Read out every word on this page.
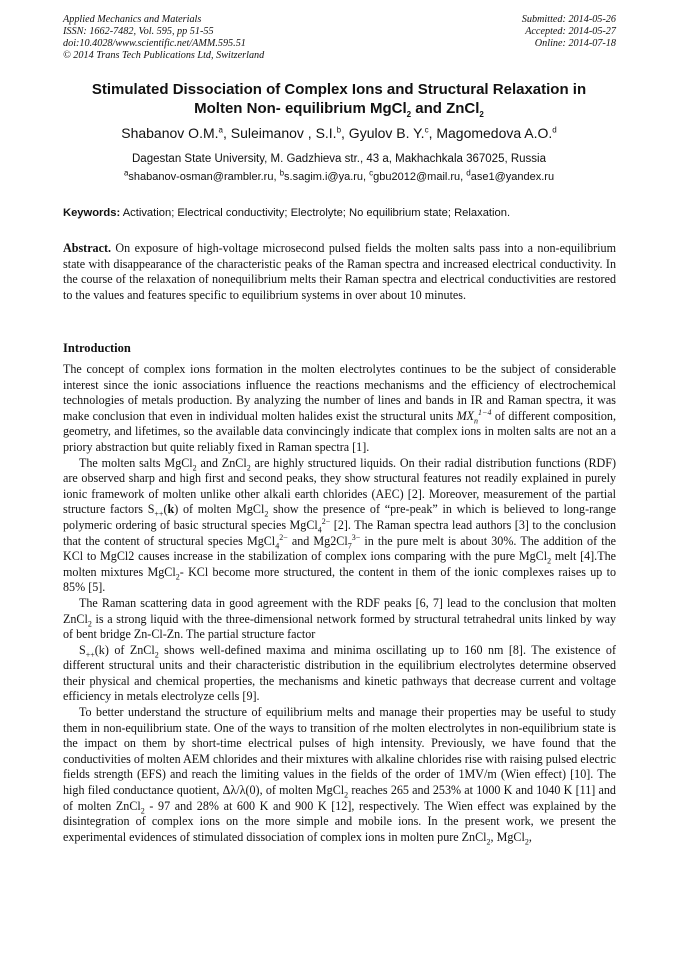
Applied Mechanics and Materials
ISSN: 1662-7482, Vol. 595, pp 51-55
doi:10.4028/www.scientific.net/AMM.595.51
© 2014 Trans Tech Publications Ltd, Switzerland
Submitted: 2014-05-26
Accepted: 2014-05-27
Online: 2014-07-18
Stimulated Dissociation of Complex Ions and Structural Relaxation in
Molten Non- equilibrium MgCl$_2$ and ZnCl$_2$
Shabanov O.M.$^a$, Suleimanov , S.I.$^b$, Gyulov B. Y.$^c$, Magomedova A.O.$^d$
Dagestan State University, M. Gadzhieva str., 43 a, Makhachkala 367025, Russia
$^a$shabanov-osman@rambler.ru, $^b$s.sagim.i@ya.ru, $^c$gbu2012@mail.ru, $^d$ase1@yandex.ru
Keywords: Activation; Electrical conductivity; Electrolyte; No equilibrium state; Relaxation.
Abstract. On exposure of high-voltage microsecond pulsed fields the molten salts pass into a non-equilibrium state with disappearance of the characteristic peaks of the Raman spectra and increased electrical conductivity. In the course of the relaxation of nonequilibrium melts their Raman spectra and electrical conductivities are restored to the values and features specific to equilibrium systems in over about 10 minutes.
Introduction

The concept of complex ions formation in the molten electrolytes continues to be the subject of considerable interest since the ionic associations influence the reactions mechanisms and the efficiency of electrochemical technologies of metals production. By analyzing the number of lines and bands in IR and Raman spectra, it was make conclusion that even in individual molten halides exist the structural units $MX_n^{1-4}$ of different composition, geometry, and lifetimes, so the available data convincingly indicate that complex ions in molten salts are not an a priory abstraction but quite reliably fixed in Raman spectra [1].

The molten salts MgCl$_2$ and ZnCl$_2$ are highly structured liquids. On their radial distribution functions (RDF) are observed sharp and high first and second peaks, they show structural features not readily explained in purely ionic framework of molten unlike other alkali earth chlorides (AEC) [2]. Moreover, measurement of the partial structure factors $S_{++}(k)$ of molten MgCl$_2$ show the presence of “pre-peak” in which is believed to long-range polymeric ordering of basic structural species MgCl$_4^{2-}$ [2]. The Raman spectra lead authors [3] to the conclusion that the content of structural species MgCl$_4^{2-}$ and $Mg2Cl_7^{3-}$ in the pure melt is about 30%. The addition of the KCl to MgCl2 causes increase in the stabilization of complex ions comparing with the pure MgCl$_2$ melt [4].The molten mixtures MgCl$_2$- KCl become more structured, the content in them of the ionic complexes raises up to 85% [5].

The Raman scattering data in good agreement with the RDF peaks [6, 7] lead to the conclusion that molten ZnCl$_2$ is a strong liquid with the three-dimensional network formed by structural tetrahedral units linked by way of bent bridge Zn-Cl-Zn. The partial structure factor

$S_{++}(k)$ of ZnCl$_2$ shows well-defined maxima and minima oscillating up to 160 nm [8]. The existence of different structural units and their characteristic distribution in the equilibrium electrolytes determine observed their physical and chemical properties, the mechanisms and kinetic pathways that decrease current and voltage efficiency in metals electrolyze cells [9].

To better understand the structure of equilibrium melts and manage their properties may be useful to study them in non-equilibrium state. One of the ways to transition of rhe molten electrolytes in non-equilibrium state is the impact on them by short-time electrical pulses of high intensity. Previously, we have found that the conductivities of molten AEM chlorides and their mixtures with alkaline chlorides rise with raising pulsed electric fields strength (EFS) and reach the limiting values in the fields of the order of 1MV/m (Wien effect) [10]. The high filed conductance quotient, Δλ/λ(0), of molten MgCl$_2$ reaches 265 and 253% at 1000 K and 1040 K [11] and of molten ZnCl$_2$ - 97 and 28% at 600 K and 900 K [12], respectively. The Wien effect was explained by the disintegration of complex ions on the more simple and mobile ions. In the present work, we present the experimental evidences of stimulated dissociation of complex ions in molten pure ZnCl$_2$, MgCl$_2$,
